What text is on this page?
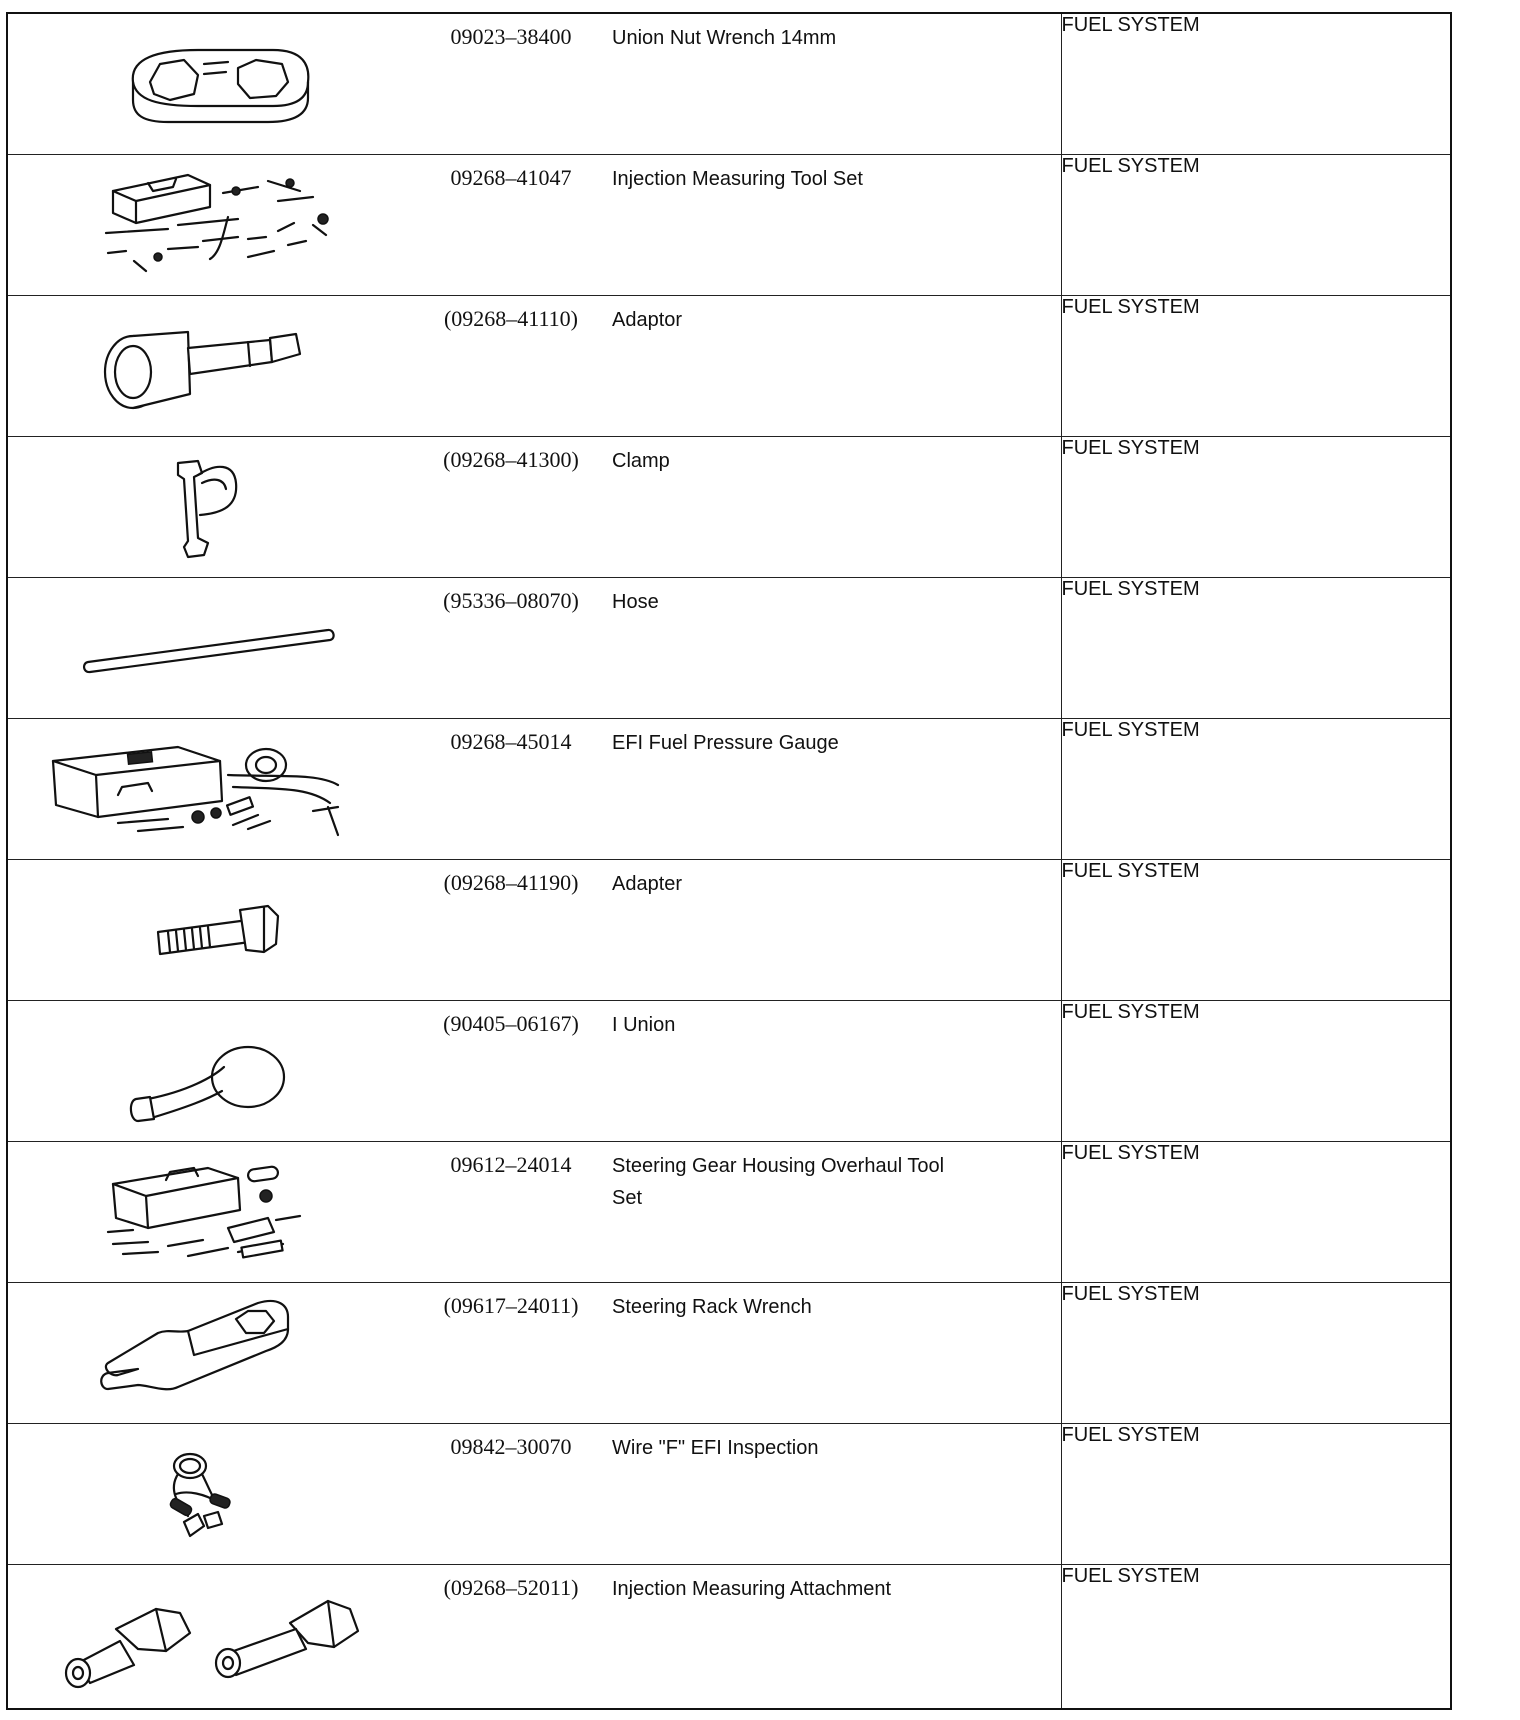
09023–38400 Union Nut Wrench 14mm	FUEL SYSTEM

09268–41047 Injection Measuring Tool Set	FUEL SYSTEM

(09268–41110) Adaptor	FUEL SYSTEM

(09268–41300) Clamp	FUEL SYSTEM

(95336–08070) Hose	FUEL SYSTEM

09268–45014 EFI Fuel Pressure Gauge	FUEL SYSTEM

(09268–41190) Adapter	FUEL SYSTEM

(90405–06167) I Union	FUEL SYSTEM

09612–24014 Steering Gear Housing Overhaul Tool Set	FUEL SYSTEM

(09617–24011) Steering Rack Wrench	FUEL SYSTEM

09842–30070 Wire "F" EFI Inspection	FUEL SYSTEM

(09268–52011) Injection Measuring Attachment	FUEL SYSTEM
